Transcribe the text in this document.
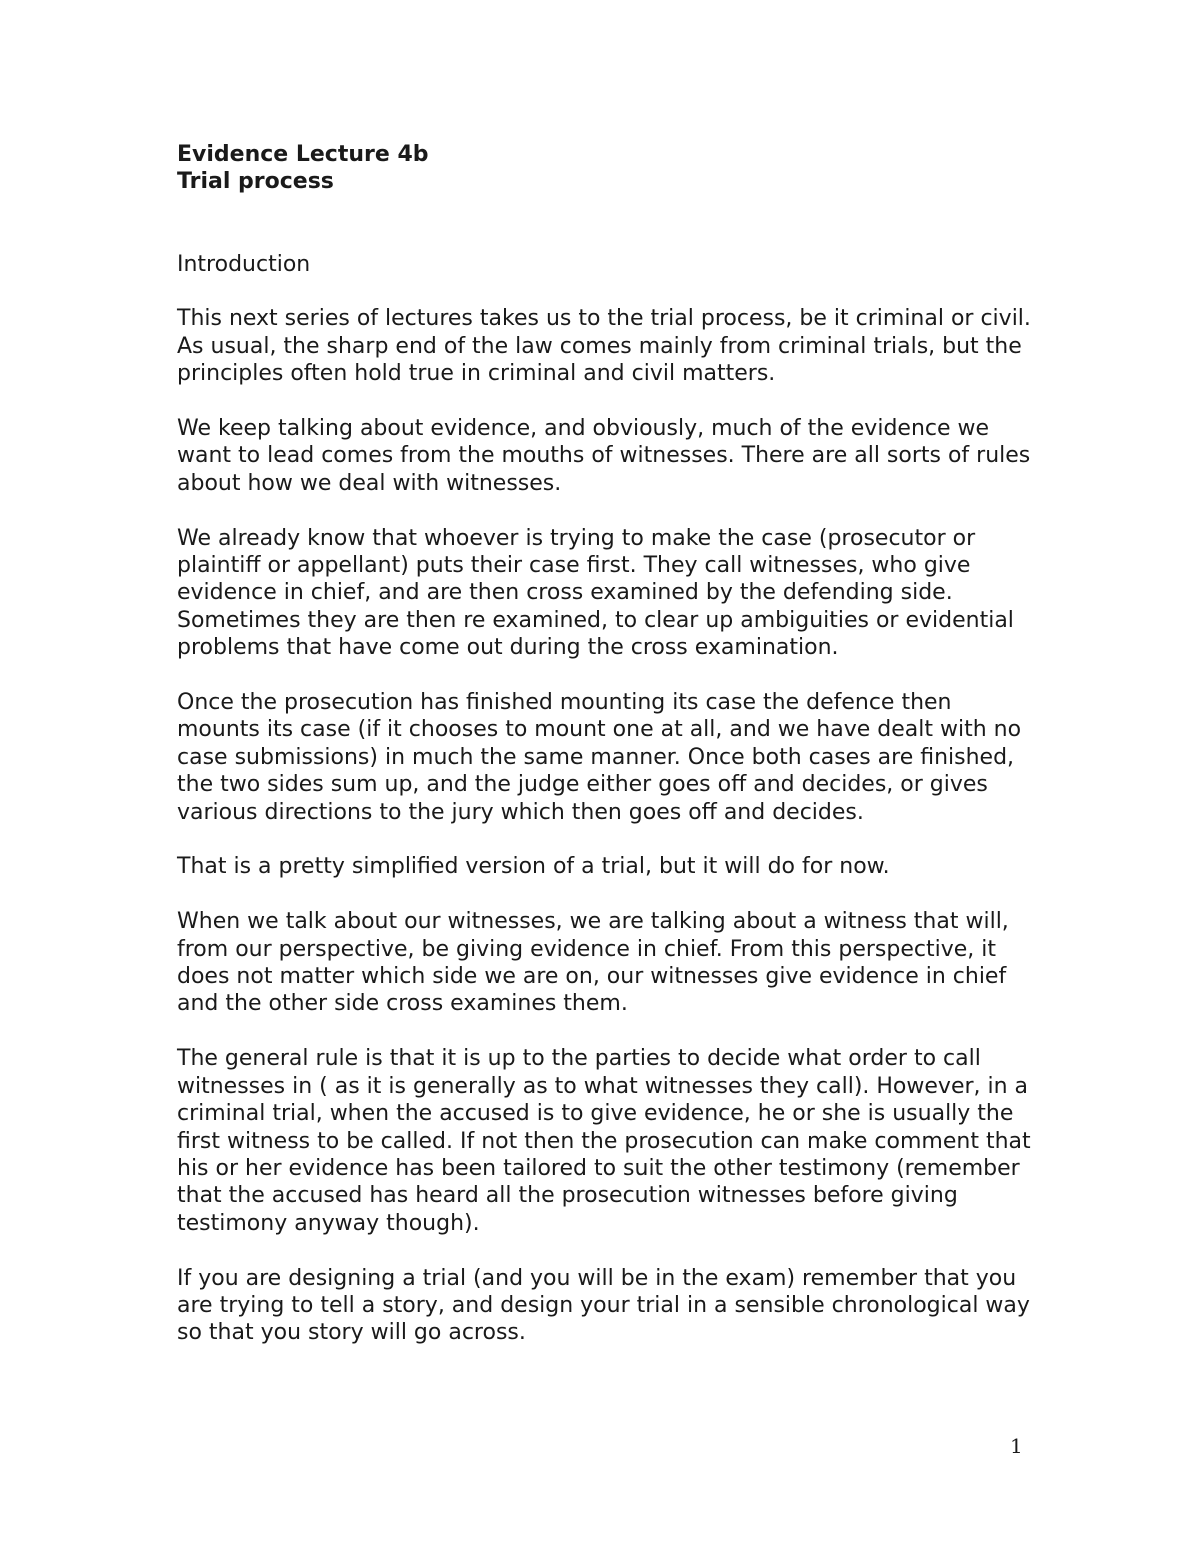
Evidence Lecture 4b
Trial process

Introduction

This next series of lectures takes us to the trial process, be it criminal or civil. As usual, the sharp end of the law comes mainly from criminal trials, but the principles often hold true in criminal and civil matters.

We keep talking about evidence, and obviously, much of the evidence we want to lead comes from the mouths of witnesses. There are all sorts of rules about how we deal with witnesses.

We already know that whoever is trying to make the case (prosecutor or plaintiff or appellant) puts their case first. They call witnesses, who give evidence in chief, and are then cross examined by the defending side. Sometimes they are then re examined, to clear up ambiguities or evidential problems that have come out during the cross examination.

Once the prosecution has finished mounting its case the defence then mounts its case (if it chooses to mount one at all, and we have dealt with no case submissions) in much the same manner. Once both cases are finished, the two sides sum up, and the judge either goes off and decides, or gives various directions to the jury which then goes off and decides.

That is a pretty simplified version of a trial, but it will do for now.

When we talk about our witnesses, we are talking about a witness that will, from our perspective, be giving evidence in chief. From this perspective, it does not matter which side we are on, our witnesses give evidence in chief and the other side cross examines them.

The general rule is that it is up to the parties to decide what order to call witnesses in ( as it is generally as to what witnesses they call). However, in a criminal trial, when the accused is to give evidence, he or she is usually the first witness to be called. If not then the prosecution can make comment that his or her evidence has been tailored to suit the other testimony (remember that the accused has heard all the prosecution witnesses before giving testimony anyway though).

If you are designing a trial (and you will be in the exam) remember that you are trying to tell a story, and design your trial in a sensible chronological way so that you story will go across.

1
